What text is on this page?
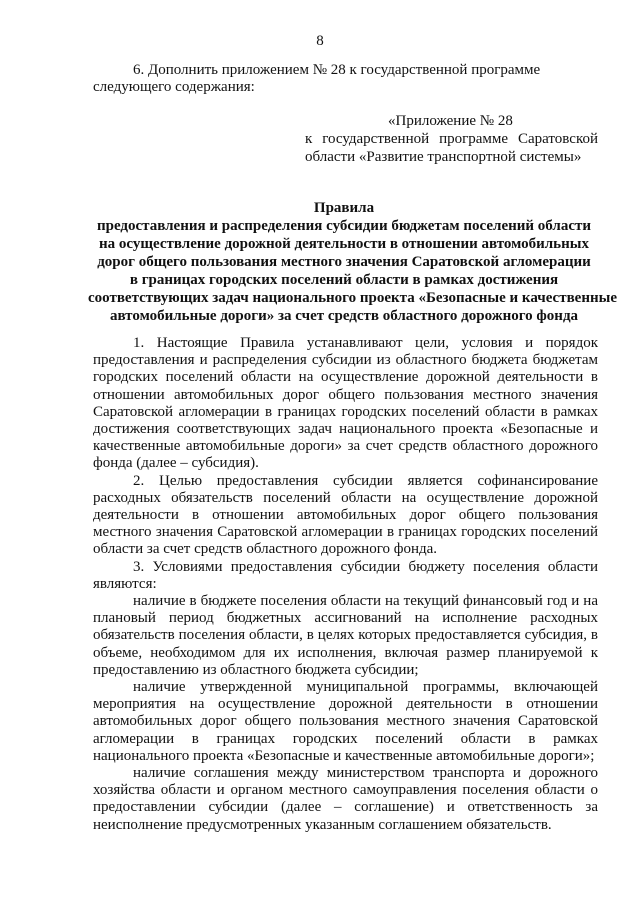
8
6. Дополнить приложением № 28 к государственной программе следующего содержания:
«Приложение № 28
к государственной программе Саратовской
области «Развитие транспортной системы»
Правила
предоставления и распределения субсидии бюджетам поселений области
на осуществление дорожной деятельности в отношении автомобильных
дорог общего пользования местного значения Саратовской агломерации
в границах городских поселений области в рамках достижения
соответствующих задач национального проекта «Безопасные и качественные
автомобильные дороги» за счет средств областного дорожного фонда

1. Настоящие Правила устанавливают цели, условия и порядок предоставления и распределения субсидии из областного бюджета бюджетам городских поселений области на осуществление дорожной деятельности в отношении автомобильных дорог общего пользования местного значения Саратовской агломерации в границах городских поселений области в рамках достижения соответствующих задач национального проекта «Безопасные и качественные автомобильные дороги» за счет средств областного дорожного фонда (далее – субсидия).

2. Целью предоставления субсидии является софинансирование расходных обязательств поселений области на осуществление дорожной деятельности в отношении автомобильных дорог общего пользования местного значения Саратовской агломерации в границах городских поселений области за счет средств областного дорожного фонда.

3. Условиями предоставления субсидии бюджету поселения области являются:

наличие в бюджете поселения области на текущий финансовый год и на плановый период бюджетных ассигнований на исполнение расходных обязательств поселения области, в целях которых предоставляется субсидия, в объеме, необходимом для их исполнения, включая размер планируемой к предоставлению из областного бюджета субсидии;

наличие утвержденной муниципальной программы, включающей мероприятия на осуществление дорожной деятельности в отношении автомобильных дорог общего пользования местного значения Саратовской агломерации в границах городских поселений области в рамках национального проекта «Безопасные и качественные автомобильные дороги»;

наличие соглашения между министерством транспорта и дорожного хозяйства области и органом местного самоуправления поселения области о предоставлении субсидии (далее – соглашение) и ответственность за неисполнение предусмотренных указанным соглашением обязательств.
